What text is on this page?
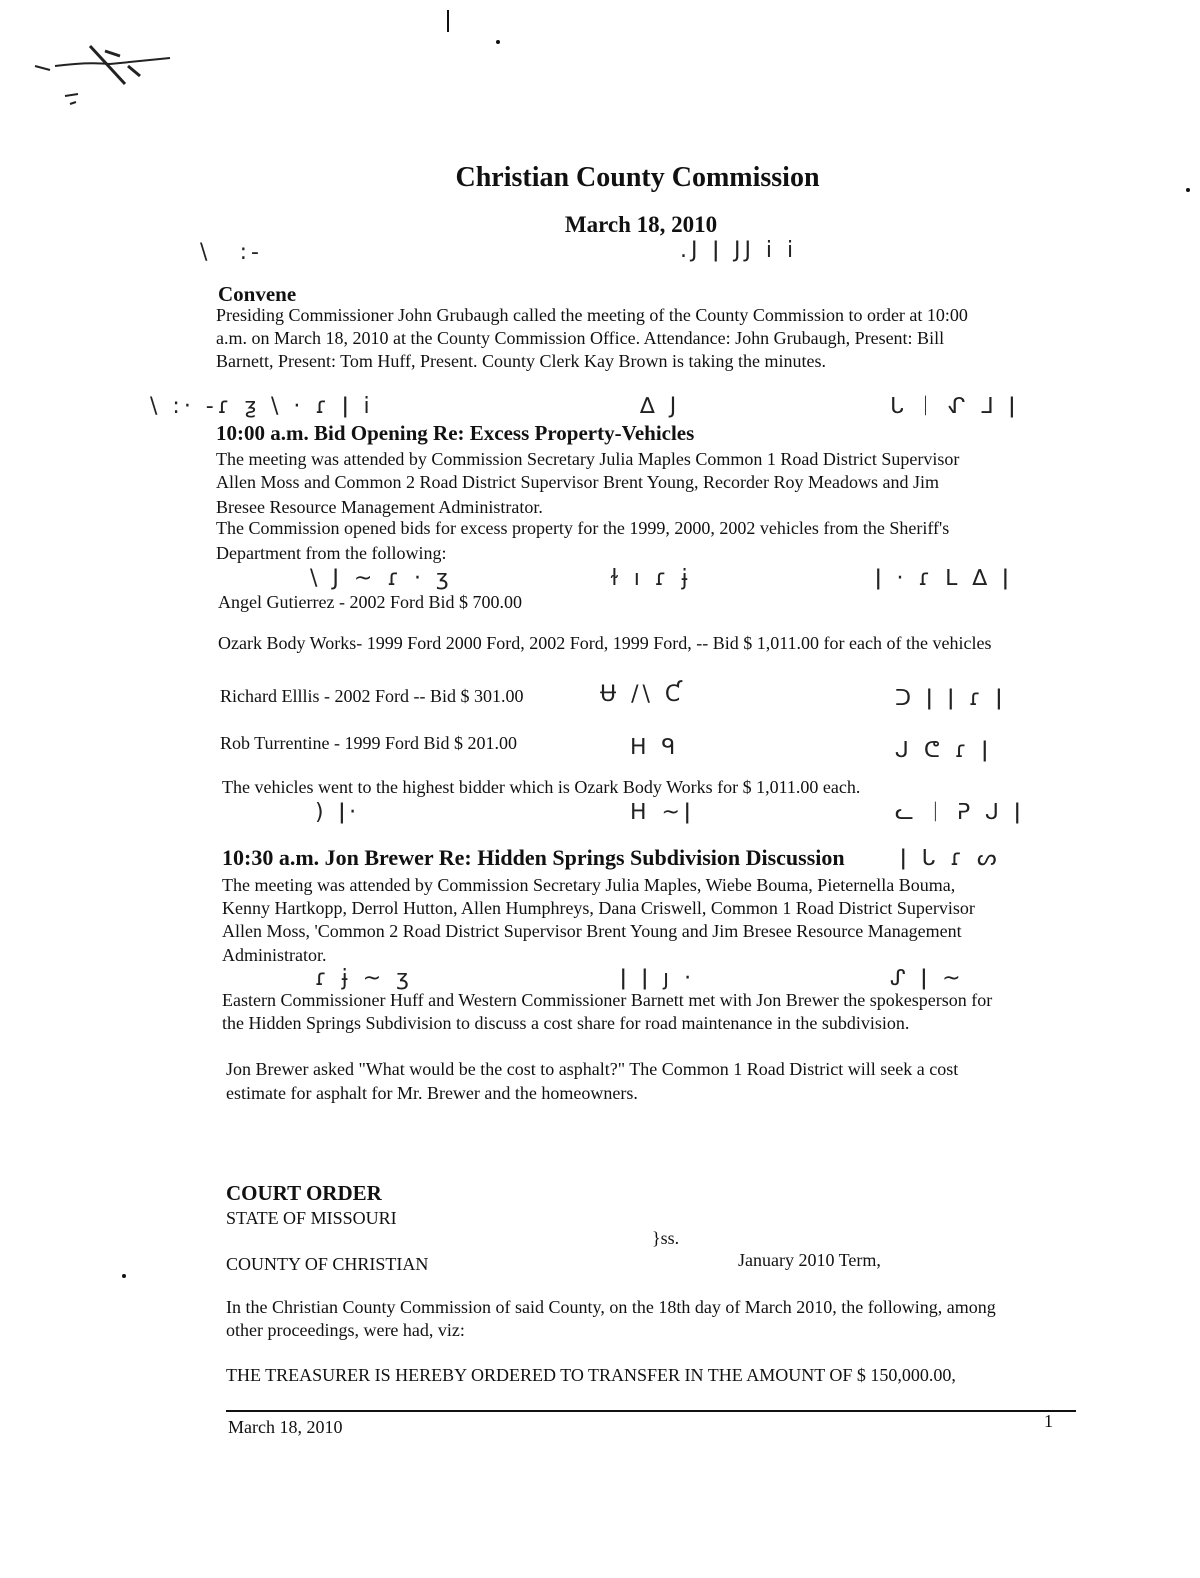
\   :-	.J ǀ JJ i i
\ :· -ɾ ƺ \ · ɾ ǀ i	∆ J	ᒐ ᛁ ᖋ ᒧ ǀ
\ J ~ ɾ · ʒ	ɫ ı ɾ ɉ	ǀ · ɾ ᒪ ∆ ǀ
Ʉ /\ Ƈ	ᑐ ǀ ǀ ɾ ǀ
ᕼ ᑫ	ᒍ ᕦ ɾ ǀ
) ǀ·	ᕼ ~ǀ	ᓚ ᛁ ᕈ ᒍ ǀ
ǀ ᒐ ɾ ᔕ
ɾ ɉ ~ ʒ	ǀ ǀ ȷ ·	ᔑ ǀ ~
Christian County Commission
March 18, 2010
Convene
Presiding Commissioner John Grubaugh called the meeting of the County Commission to order at 10:00
a.m. on March 18, 2010 at the County Commission Office. Attendance: John Grubaugh, Present: Bill
Barnett, Present: Tom Huff, Present. County Clerk Kay Brown is taking the minutes.
10:00 a.m. Bid Opening Re: Excess Property-Vehicles
The meeting was attended by Commission Secretary Julia Maples Common 1 Road District Supervisor
Allen Moss and Common 2 Road District Supervisor Brent Young, Recorder Roy Meadows and Jim
Bresee Resource Management Administrator.
The Commission opened bids for excess property for the 1999, 2000, 2002 vehicles from the Sheriff's
Department from the following:
Angel Gutierrez - 2002 Ford Bid $ 700.00
Ozark Body Works- 1999 Ford 2000 Ford, 2002 Ford, 1999 Ford, -- Bid $ 1,011.00 for each of the vehicles
Richard Elllis - 2002 Ford -- Bid $ 301.00
Rob Turrentine - 1999 Ford Bid $ 201.00
The vehicles went to the highest bidder which is Ozark Body Works for $ 1,011.00 each.
10:30 a.m. Jon Brewer Re: Hidden Springs Subdivision Discussion
The meeting was attended by Commission Secretary Julia Maples, Wiebe Bouma, Pieternella Bouma,
Kenny Hartkopp, Derrol Hutton, Allen Humphreys, Dana Criswell, Common 1 Road District Supervisor
Allen Moss, 'Common 2 Road District Supervisor Brent Young and Jim Bresee Resource Management
Administrator.
Eastern Commissioner Huff and Western Commissioner Barnett met with Jon Brewer the spokesperson for
the Hidden Springs Subdivision to discuss a cost share for road maintenance in the subdivision.
Jon Brewer asked "What would be the cost to asphalt?" The Common 1 Road District will seek a cost
estimate for asphalt for Mr. Brewer and the homeowners.
COURT ORDER
STATE OF MISSOURI
}ss.
COUNTY OF CHRISTIAN	January 2010 Term,
In the Christian County Commission of said County, on the 18th day of March 2010, the following, among
other proceedings, were had, viz:
THE TREASURER IS HEREBY ORDERED TO TRANSFER IN THE AMOUNT OF $ 150,000.00,
March 18, 2010	1
